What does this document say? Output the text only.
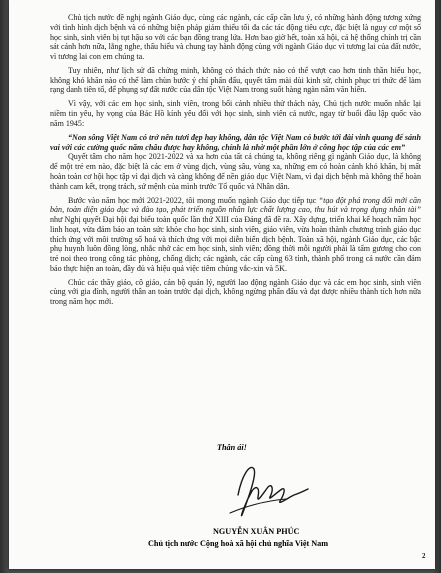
Chủ tịch nước đề nghị ngành Giáo dục, cùng các ngành, các cấp cần lưu ý, có những hành động tương xứng với tình hình dịch bệnh và có những biện pháp giảm thiểu tối đa các tác động tiêu cực, đặc biệt là nguy cơ một số học sinh, sinh viên bị tụt hậu so với các bạn đồng trang lứa. Hơn bao giờ hết, toàn xã hội, cả hệ thống chính trị cần sát cánh hơn nữa, lắng nghe, thấu hiểu và chung tay hành động cùng với ngành Giáo dục vì tương lai của đất nước, vì tương lai con em chúng ta.

Tuy nhiên, như lịch sử đã chứng minh, không có thách thức nào có thể vượt cao hơn tinh thần hiếu học, không khó khăn nào có thể làm chùn bước ý chí phấn đấu, quyết tâm mài dùi kinh sử, chinh phục tri thức để làm rạng danh tiên tổ, để phụng sự đất nước của dân tộc Việt Nam trong suốt hàng ngàn năm văn hiến.

Vì vậy, với các em học sinh, sinh viên, trong bối cảnh nhiều thử thách này, Chủ tịch nước muốn nhắc lại niềm tin yêu, hy vọng của Bác Hồ kính yêu đối với học sinh, sinh viên cả nước, ngay từ buổi đầu lập quốc vào năm 1945:

“Non sông Việt Nam có trở nên tươi đẹp hay không, dân tộc Việt Nam có bước tới đài vinh quang để sánh vai với các cường quốc năm châu được hay không, chính là nhờ một phần lớn ở công học tập của các em”

Quyết tâm cho năm học 2021-2022 và xa hơn của tất cả chúng ta, không riêng gì ngành Giáo dục, là không để một trẻ em nào, đặc biệt là các em ở vùng dịch, vùng sâu, vùng xa, những em có hoàn cảnh khó khăn, bị mất hoàn toàn cơ hội học tập vì đại dịch và càng không để nền giáo dục Việt Nam, vì đại dịch bệnh mà không thể hoàn thành cam kết, trọng trách, sứ mệnh của mình trước Tổ quốc và Nhân dân.

Bước vào năm học mới 2021-2022, tôi mong muốn ngành Giáo dục tiếp tục “tạo đột phá trong đổi mới căn bản, toàn diện giáo dục và đào tạo, phát triển nguồn nhân lực chất lượng cao, thu hút và trọng dụng nhân tài” như Nghị quyết Đại hội đại biểu toàn quốc lần thứ XIII của Đảng đã đề ra. Xây dựng, triển khai kế hoạch năm học linh hoạt, vừa đảm bảo an toàn sức khỏe cho học sinh, sinh viên, giáo viên, vừa hoàn thành chương trình giáo dục thích ứng với môi trường số hoá và thích ứng với mọi diễn biến dịch bệnh. Toàn xã hội, ngành Giáo dục, các bậc phụ huynh luôn đồng lòng, nhắc nhở các em học sinh, sinh viên; đồng thời mỗi người phải là tấm gương cho con trẻ noi theo trong công tác phòng, chống dịch; các ngành, các cấp cùng 63 tỉnh, thành phố trong cả nước cần đảm bảo thực hiện an toàn, đầy đủ và hiệu quả việc tiêm chủng vắc-xin và 5K.

Chúc các thầy giáo, cô giáo, cán bộ quản lý, người lao động ngành Giáo dục và các em học sinh, sinh viên cùng với gia đình, người thân an toàn trước đại dịch, không ngừng phấn đấu và đạt được nhiều thành tích hơn nữa trong năm học mới.

Thân ái!
NGUYỄN XUÂN PHÚC
Chủ tịch nước Cộng hoà xã hội chủ nghĩa Việt Nam
2
